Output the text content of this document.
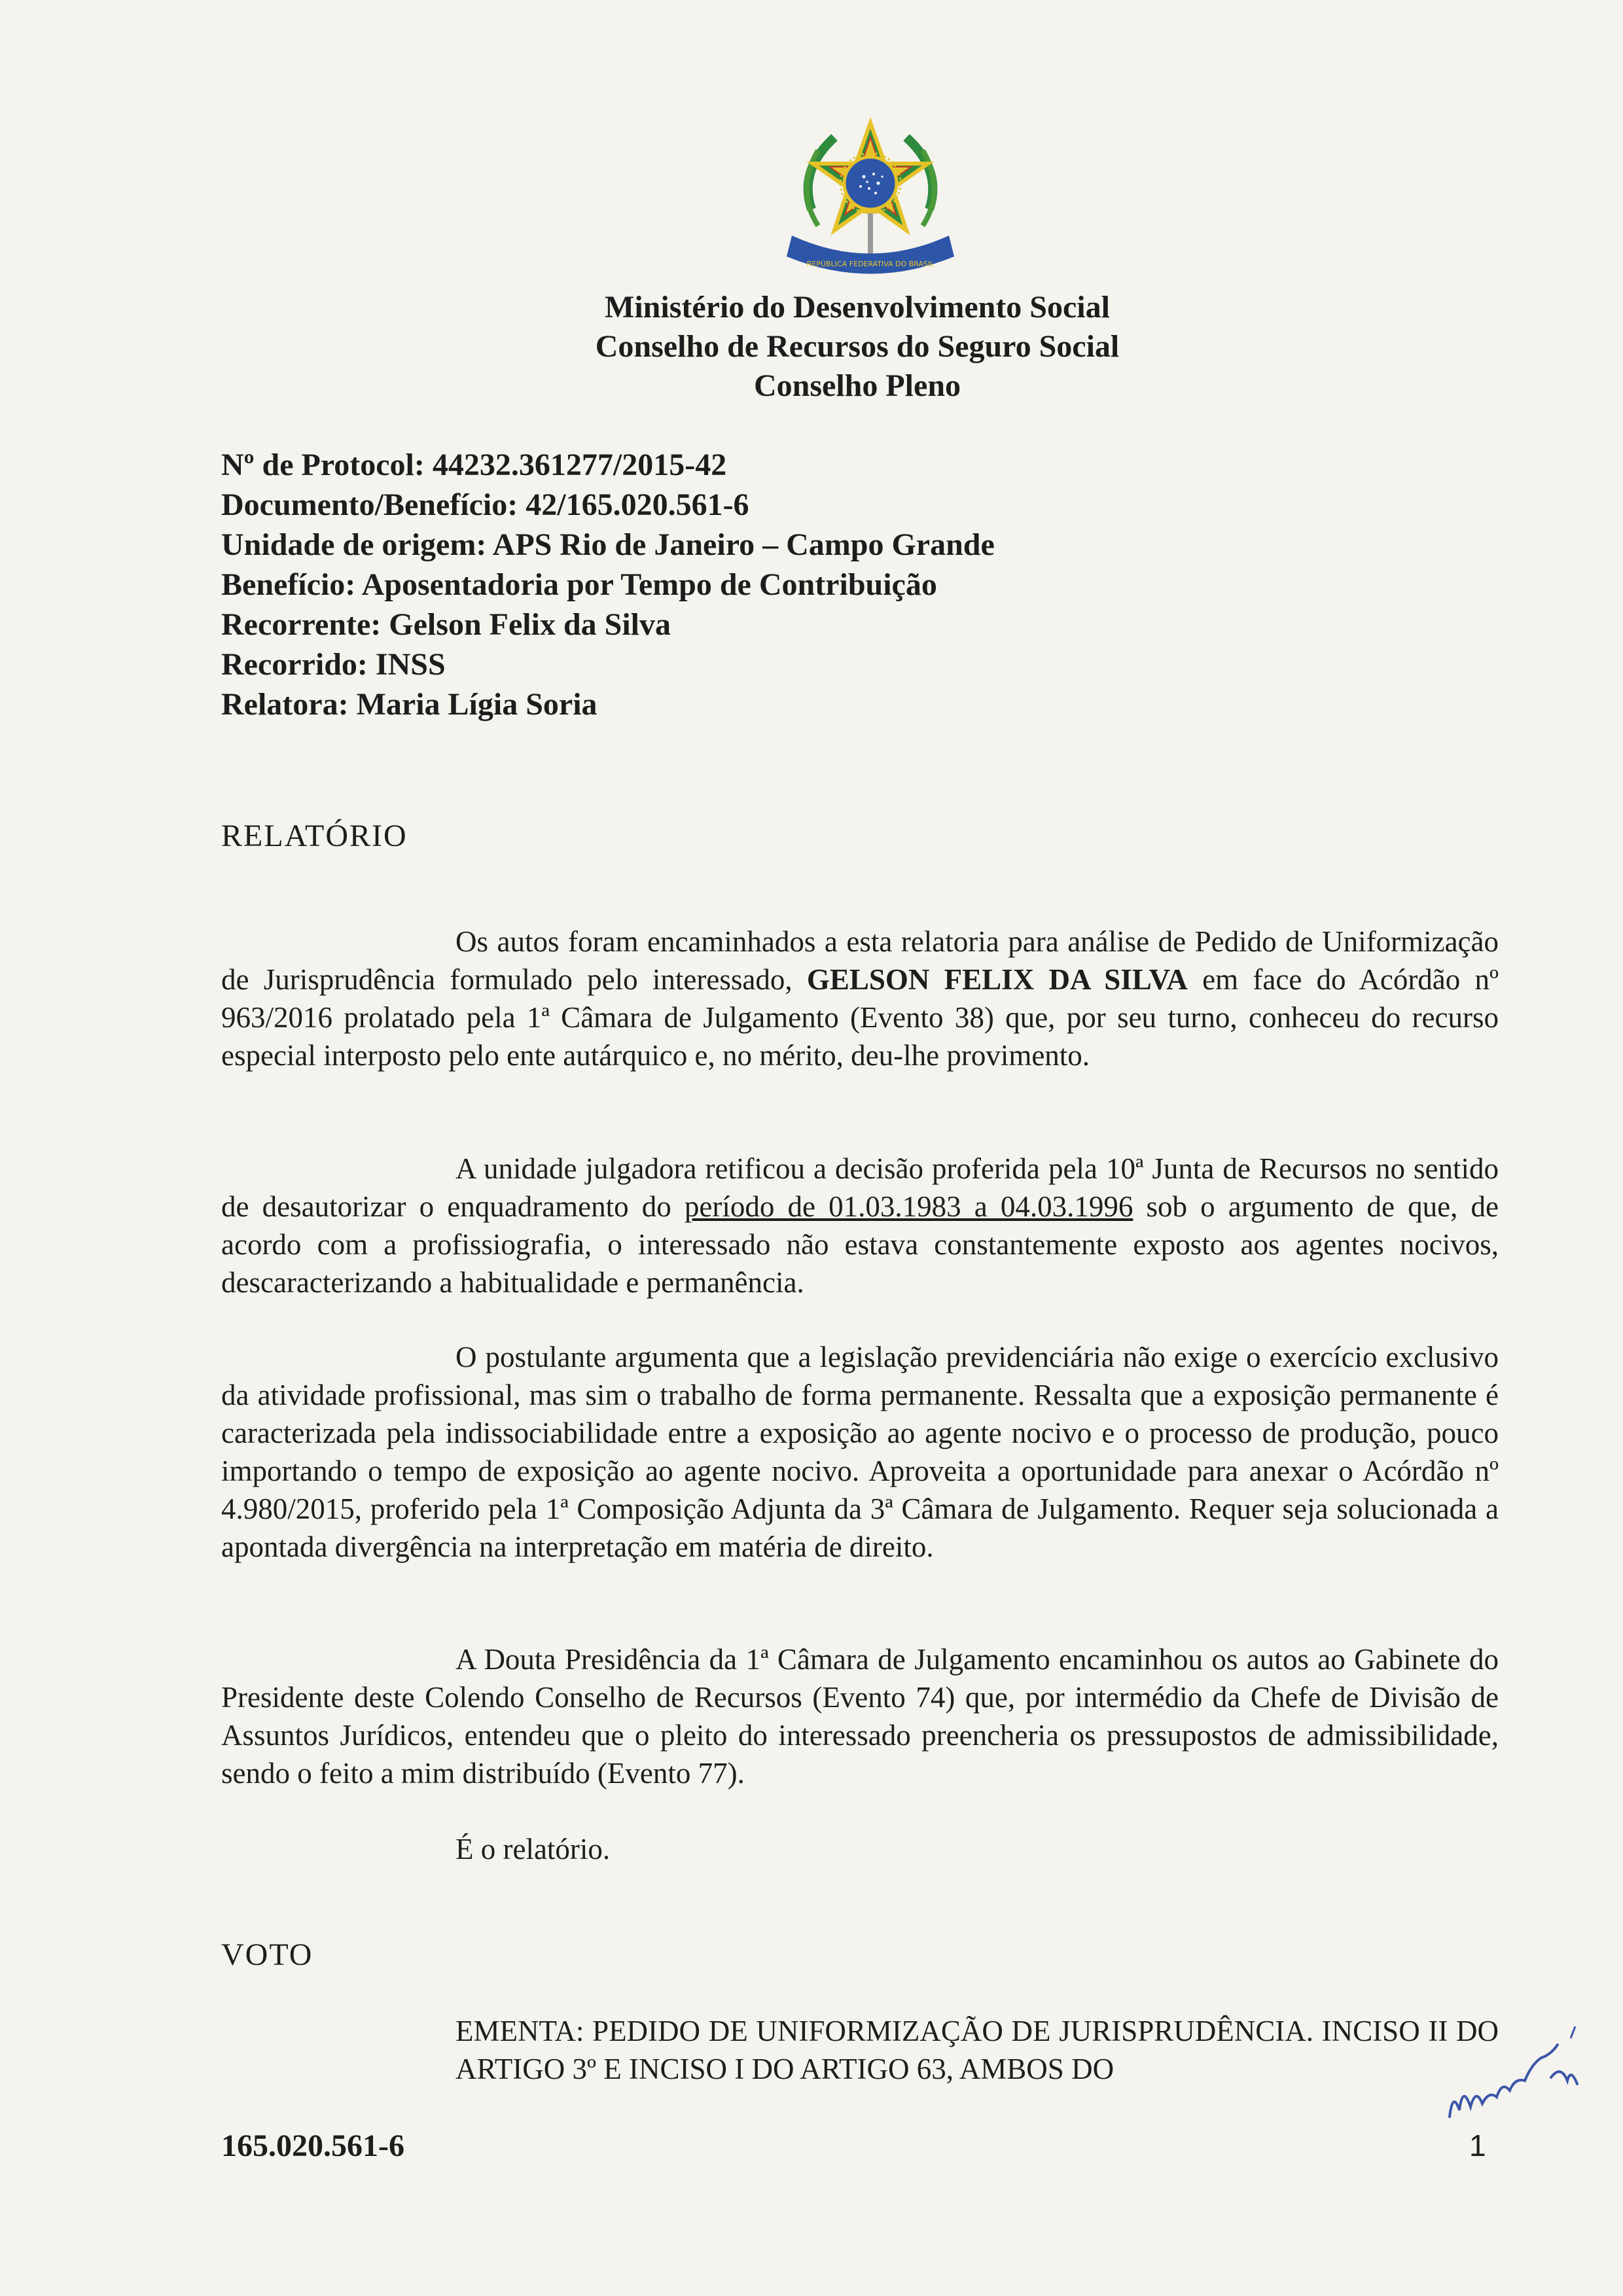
REPÚBLICA FEDERATIVA DO BRASIL
Ministério do Desenvolvimento Social
Conselho de Recursos do Seguro Social
Conselho Pleno
Nº de Protocol: 44232.361277/2015-42
Documento/Benefício: 42/165.020.561-6
Unidade de origem: APS Rio de Janeiro – Campo Grande
Benefício: Aposentadoria por Tempo de Contribuição
Recorrente: Gelson Felix da Silva
Recorrido: INSS
Relatora: Maria Lígia Soria
RELATÓRIO

Os autos foram encaminhados a esta relatoria para análise de Pedido de Uniformização de Jurisprudência formulado pelo interessado, GELSON FELIX DA SILVA em face do Acórdão nº 963/2016 prolatado pela 1ª Câmara de Julgamento (Evento 38) que, por seu turno, conheceu do recurso especial interposto pelo ente autárquico e, no mérito, deu-lhe provimento.

A unidade julgadora retificou a decisão proferida pela 10ª Junta de Recursos no sentido de desautorizar o enquadramento do período de 01.03.1983 a 04.03.1996 sob o argumento de que, de acordo com a profissiografia, o interessado não estava constantemente exposto aos agentes nocivos, descaracterizando a habitualidade e permanência.

O postulante argumenta que a legislação previdenciária não exige o exercício exclusivo da atividade profissional, mas sim o trabalho de forma permanente. Ressalta que a exposição permanente é caracterizada pela indissociabilidade entre a exposição ao agente nocivo e o processo de produção, pouco importando o tempo de exposição ao agente nocivo. Aproveita a oportunidade para anexar o Acórdão nº 4.980/2015, proferido pela 1ª Composição Adjunta da 3ª Câmara de Julgamento. Requer seja solucionada a apontada divergência na interpretação em matéria de direito.

A Douta Presidência da 1ª Câmara de Julgamento encaminhou os autos ao Gabinete do Presidente deste Colendo Conselho de Recursos (Evento 74) que, por intermédio da Chefe de Divisão de Assuntos Jurídicos, entendeu que o pleito do interessado preencheria os pressupostos de admissibilidade, sendo o feito a mim distribuído (Evento 77).

É o relatório.
VOTO
EMENTA: PEDIDO DE UNIFORMIZAÇÃO DE JURISPRUDÊNCIA. INCISO II DO ARTIGO 3º E INCISO I DO ARTIGO 63, AMBOS DO
165.020.561-6	1
